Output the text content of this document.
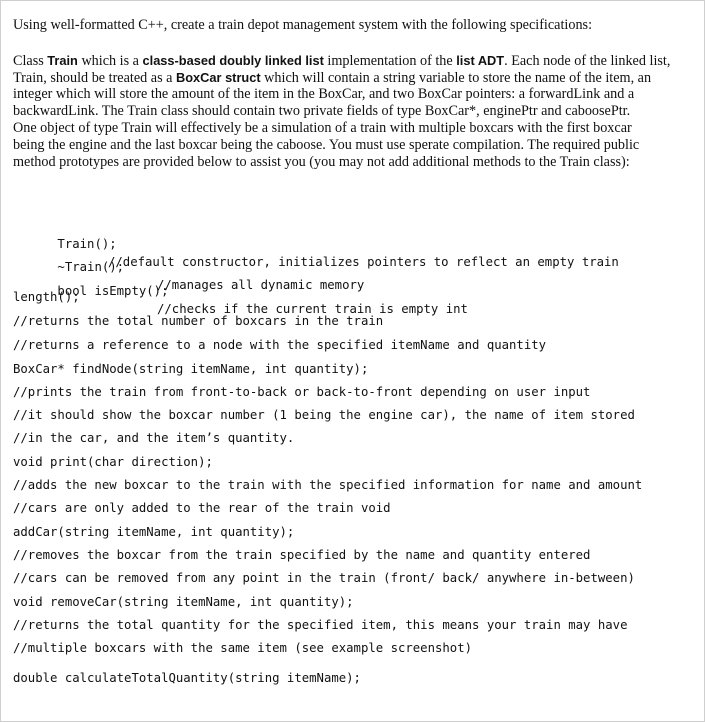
Using well-formatted C++, create a train depot management system with the following specifications:

Class Train which is a class-based doubly linked list implementation of the list ADT. Each node of the linked list,
Train, should be treated as a BoxCar struct which will contain a string variable to store the name of the item, an
integer which will store the amount of the item in the BoxCar, and two BoxCar pointers: a forwardLink and a
backwardLink. The Train class should contain two private fields of type BoxCar*, enginePtr and caboosePtr.
One object of type Train will effectively be a simulation of a train with multiple boxcars with the first boxcar
being the engine and the last boxcar being the caboose. You must use sperate compilation. The required public
method prototypes are provided below to assist you (you may not add additional methods to the Train class):

Train();

//default constructor, initializes pointers to reflect an empty train

~Train();

//manages all dynamic memory

bool isEmpty();

//checks if the current train is empty int

length();
//returns the total number of boxcars in the train
//returns a reference to a node with the specified itemName and quantity
BoxCar* findNode(string itemName, int quantity);
//prints the train from front-to-back or back-to-front depending on user input
//it should show the boxcar number (1 being the engine car), the name of item stored
//in the car, and the item’s quantity.
void print(char direction);
//adds the new boxcar to the train with the specified information for name and amount
//cars are only added to the rear of the train void
addCar(string itemName, int quantity);
//removes the boxcar from the train specified by the name and quantity entered
//cars can be removed from any point in the train (front/ back/ anywhere in-between)
void removeCar(string itemName, int quantity);
//returns the total quantity for the specified item, this means your train may have
//multiple boxcars with the same item (see example screenshot)
double calculateTotalQuantity(string itemName);
